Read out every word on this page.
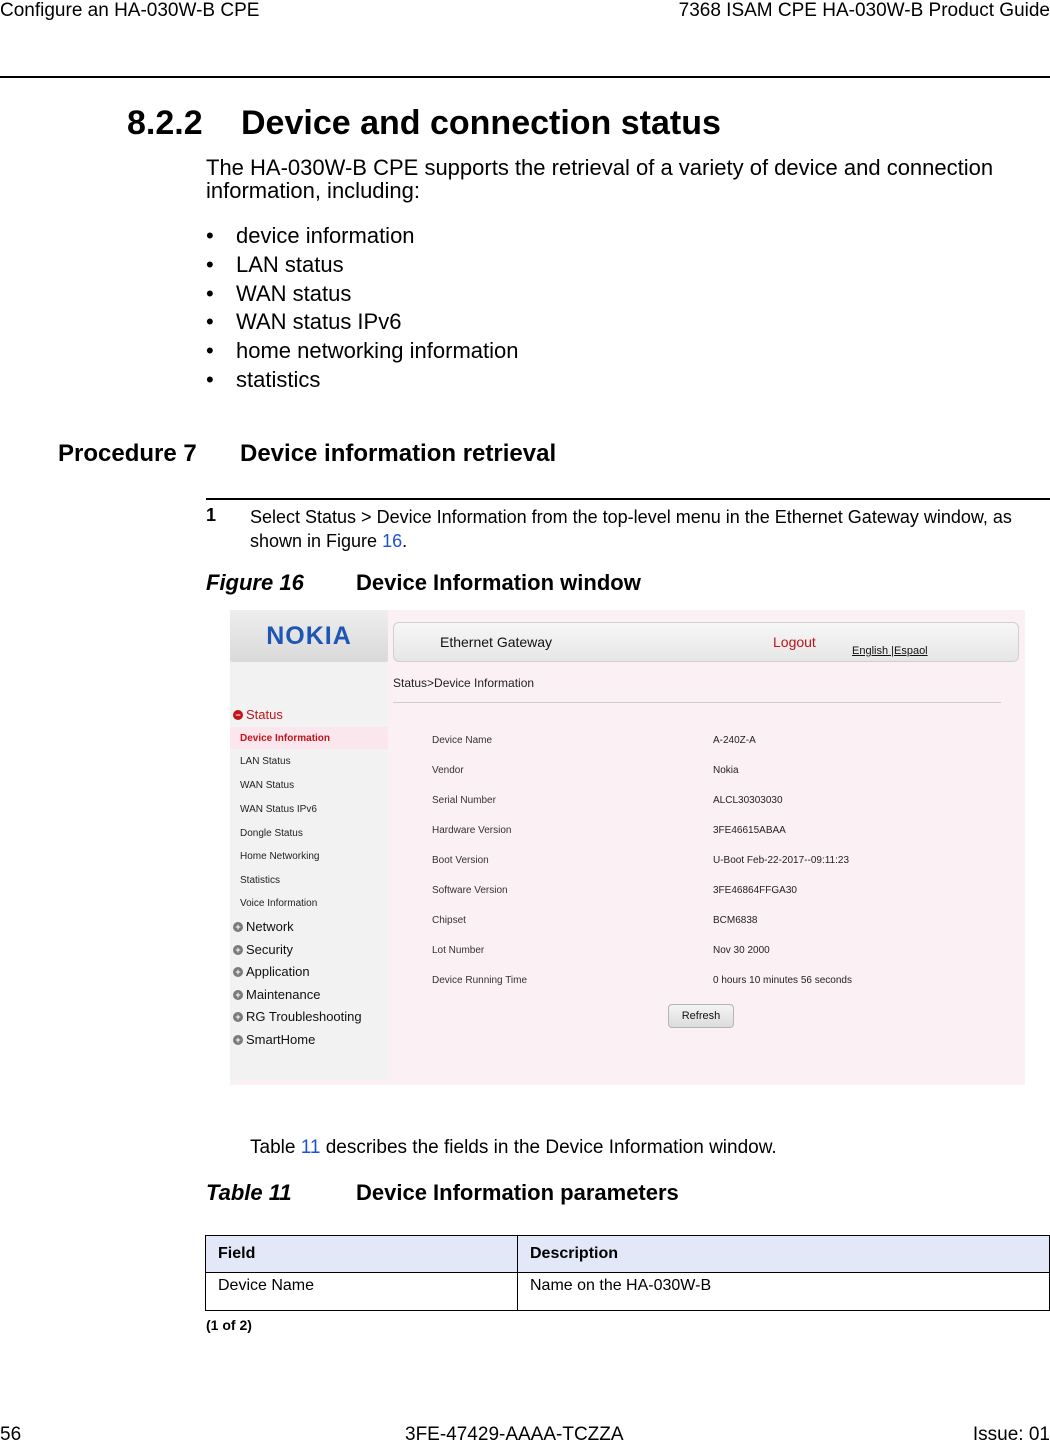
Configure an HA-030W-B CPE	7368 ISAM CPE HA-030W-B Product Guide
8.2.2 Device and connection status
The HA-030W-B CPE supports the retrieval of a variety of device and connection information, including:
• device information
• LAN status
• WAN status
• WAN status IPv6
• home networking information
• statistics
Procedure 7 Device information retrieval
1 Select Status > Device Information from the top-level menu in the Ethernet Gateway window, as shown in Figure 16.
Figure 16 Device Information window
NOKIA	Ethernet Gateway	Logout
English |Espaol
− Status
Device Information
LAN Status
WAN Status
WAN Status IPv6
Dongle Status
Home Networking
Statistics
Voice Information
+ Network
+ Security
+ Application
+ Maintenance
+ RG Troubleshooting
+ SmartHome
Status>Device Information
Device Name	A-240Z-A
Vendor	Nokia
Serial Number	ALCL30303030
Hardware Version	3FE46615ABAA
Boot Version	U-Boot Feb-22-2017--09:11:23
Software Version	3FE46864FFGA30
Chipset	BCM6838
Lot Number	Nov 30 2000
Device Running Time	0 hours 10 minutes 56 seconds
Refresh
Table 11 describes the fields in the Device Information window.
Table 11	Device Information parameters
Field	Description
Device Name	Name on the HA-030W-B
(1 of 2)
56	3FE-47429-AAAA-TCZZA	Issue: 01
